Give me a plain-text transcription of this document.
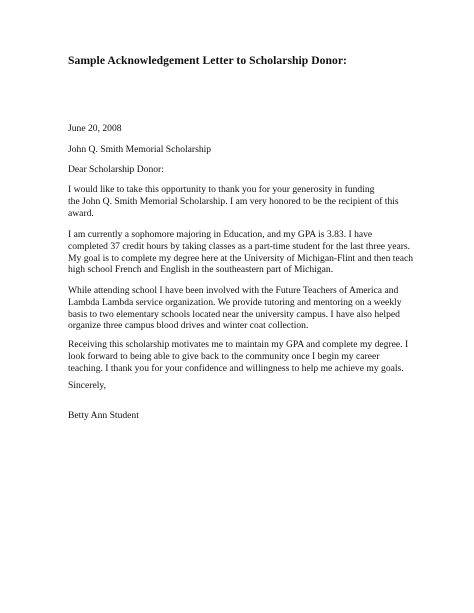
Sample Acknowledgement Letter to Scholarship Donor:
June 20, 2008
John Q. Smith Memorial Scholarship
Dear Scholarship Donor:
I would like to take this opportunity to thank you for your generosity in funding
the John Q. Smith Memorial Scholarship. I am very honored to be the recipient of this
award.
I am currently a sophomore majoring in Education, and my GPA is 3.83. I have
completed 37 credit hours by taking classes as a part-time student for the last three years.
My goal is to complete my degree here at the University of Michigan-Flint and then teach
high school French and English in the southeastern part of Michigan.
While attending school I have been involved with the Future Teachers of America and
Lambda Lambda service organization. We provide tutoring and mentoring on a weekly
basis to two elementary schools located near the university campus. I have also helped
organize three campus blood drives and winter coat collection.
Receiving this scholarship motivates me to maintain my GPA and complete my degree. I
look forward to being able to give back to the community once I begin my career
teaching. I thank you for your confidence and willingness to help me achieve my goals.
Sincerely,
Betty Ann Student
